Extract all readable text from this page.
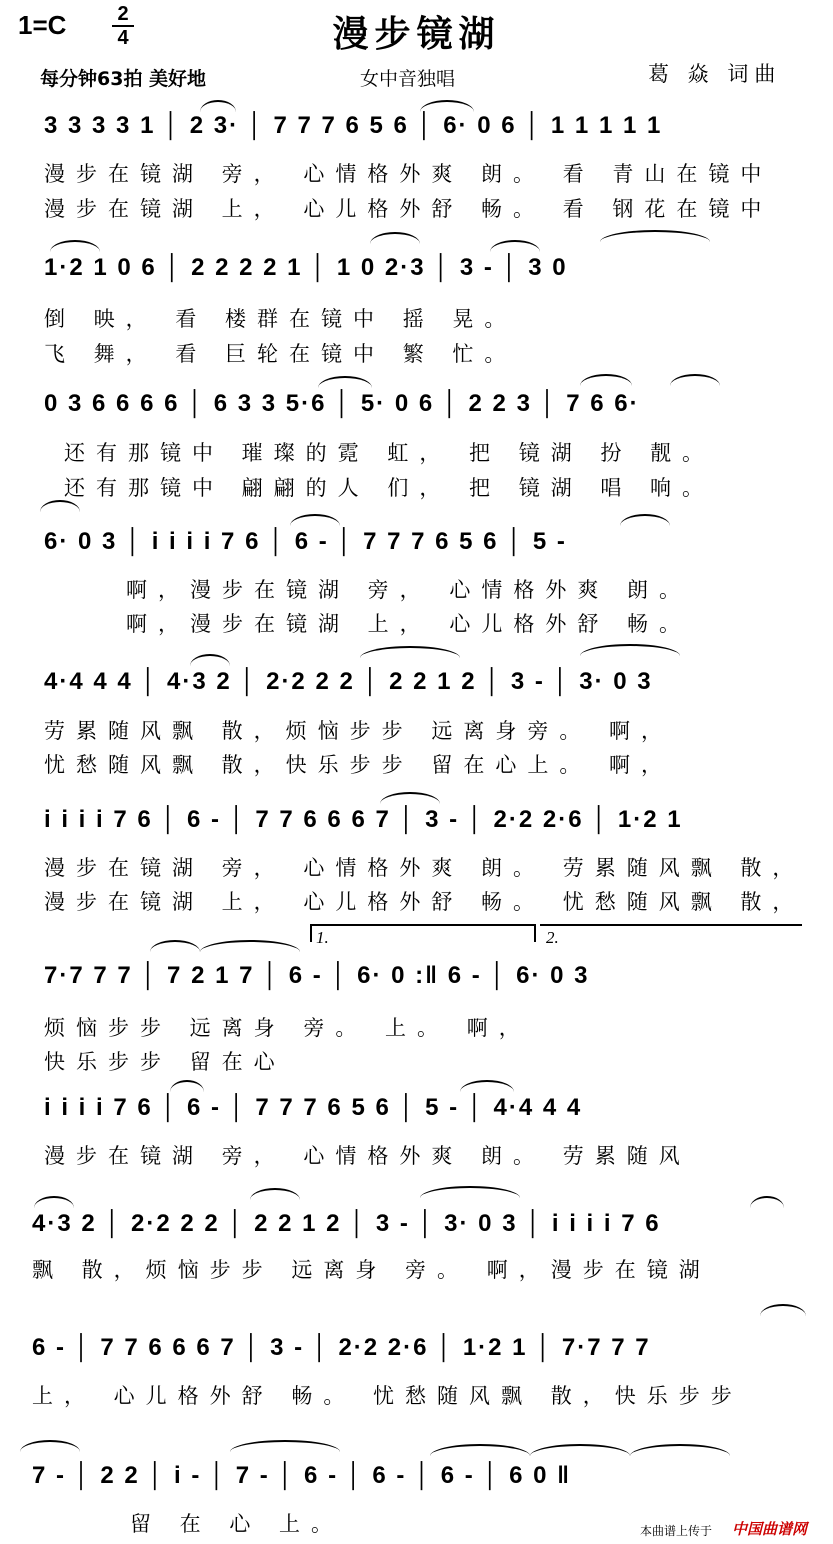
1=C	2
4	漫步镜湖
每分钟63拍 美好地	女中音独唱	葛 焱 词曲
3 3 3 3 1 │ 2 3· │ 7 7 7 6 5 6 │ 6· 0 6 │ 1 1 1 1 1
漫步在镜湖 旁， 心情格外爽 朗。 看 青山在镜中
漫步在镜湖 上， 心儿格外舒 畅。 看 钢花在镜中
1·2 1 0 6 │ 2 2 2 2 1 │ 1 0 2·3 │ 3 - │ 3 0
倒 映， 看 楼群在镜中 摇 晃。
飞 舞， 看 巨轮在镜中 繁 忙。
0 3 6 6 6 6 │ 6 3 3 5·6 │ 5· 0 6 │ 2 2 3 │ 7 6 6·
还有那镜中 璀璨的霓 虹， 把 镜湖 扮 靓。
还有那镜中 翩翩的人 们， 把 镜湖 唱 响。
6· 0 3 │ i i i i 7 6 │ 6 - │ 7 7 7 6 5 6 │ 5 -
啊，漫步在镜湖 旁， 心情格外爽 朗。
啊，漫步在镜湖 上， 心儿格外舒 畅。
4·4 4 4 │ 4·3 2 │ 2·2 2 2 │ 2 2 1 2 │ 3 - │ 3· 0 3
劳累随风飘 散，烦恼步步 远离身旁。 啊，
忧愁随风飘 散，快乐步步 留在心上。 啊，
i i i i 7 6 │ 6 - │ 7 7 6 6 6 7 │ 3 - │ 2·2 2·6 │ 1·2 1
漫步在镜湖 旁， 心情格外爽 朗。 劳累随风飘 散，
漫步在镜湖 上， 心儿格外舒 畅。 忧愁随风飘 散，
1.	2.
7·7 7 7 │ 7 2 1 7 │ 6 - │ 6· 0 :‖ 6 - │ 6· 0 3
烦恼步步 远离身 旁。 上。 啊，
快乐步步 留在心
i i i i 7 6 │ 6 - │ 7 7 7 6 5 6 │ 5 - │ 4·4 4 4
漫步在镜湖 旁， 心情格外爽 朗。 劳累随风
4·3 2 │ 2·2 2 2 │ 2 2 1 2 │ 3 - │ 3· 0 3 │ i i i i 7 6
飘 散，烦恼步步 远离身 旁。 啊，漫步在镜湖
6 - │ 7 7 6 6 6 7 │ 3 - │ 2·2 2·6 │ 1·2 1 │ 7·7 7 7
上， 心儿格外舒 畅。 忧愁随风飘 散，快乐步步
7 - │ 2 2 │ i - │ 7 - │ 6 - │ 6 - │ 6 - │ 6 0 ‖
留 在 心 上。	本曲谱上传于 中国曲谱网
